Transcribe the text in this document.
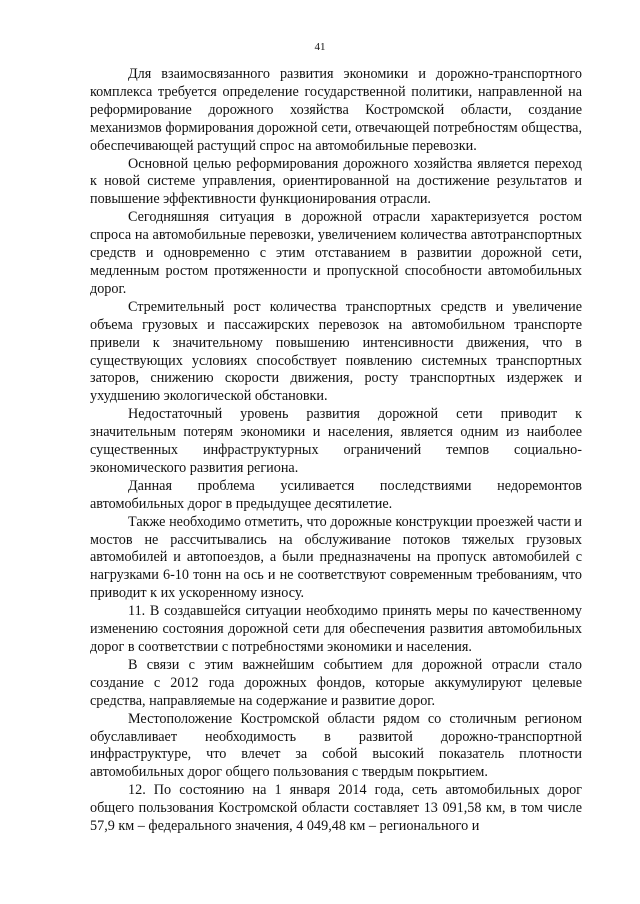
41

Для взаимосвязанного развития экономики и дорожно-транспортного комплекса требуется определение государственной политики, направленной на реформирование дорожного хозяйства Костромской области, создание механизмов формирования дорожной сети, отвечающей потребностям общества, обеспечивающей растущий спрос на автомобильные перевозки.

Основной целью реформирования дорожного хозяйства является переход к новой системе управления, ориентированной на достижение результатов и повышение эффективности функционирования отрасли.

Сегодняшняя ситуация в дорожной отрасли характеризуется ростом спроса на автомобильные перевозки, увеличением количества автотранспортных средств и одновременно с этим отставанием в развитии дорожной сети, медленным ростом протяженности и пропускной способности автомобильных дорог.

Стремительный рост количества транспортных средств и увеличение объема грузовых и пассажирских перевозок на автомобильном транспорте привели к значительному повышению интенсивности движения, что в существующих условиях способствует появлению системных транспортных заторов, снижению скорости движения, росту транспортных издержек и ухудшению экологической обстановки.

Недостаточный уровень развития дорожной сети приводит к значительным потерям экономики и населения, является одним из наиболее существенных инфраструктурных ограничений темпов социально-экономического развития региона.

Данная проблема усиливается последствиями недоремонтов автомобильных дорог в предыдущее десятилетие.

Также необходимо отметить, что дорожные конструкции проезжей части и мостов не рассчитывались на обслуживание потоков тяжелых грузовых автомобилей и автопоездов, а были предназначены на пропуск автомобилей с нагрузками 6-10 тонн на ось и не соответствуют современным требованиям, что приводит к их ускоренному износу.

11. В создавшейся ситуации необходимо принять меры по качественному изменению состояния дорожной сети для обеспечения развития автомобильных дорог в соответствии с потребностями экономики и населения.

В связи с этим важнейшим событием для дорожной отрасли стало создание с 2012 года дорожных фондов, которые аккумулируют целевые средства, направляемые на содержание и развитие дорог.

Местоположение Костромской области рядом со столичным регионом обуславливает необходимость в развитой дорожно-транспортной инфраструктуре, что влечет за собой высокий показатель плотности автомобильных дорог общего пользования с твердым покрытием.

12. По состоянию на 1 января 2014 года, сеть автомобильных дорог общего пользования Костромской области составляет 13 091,58 км, в том числе 57,9 км – федерального значения, 4 049,48 км – регионального и
